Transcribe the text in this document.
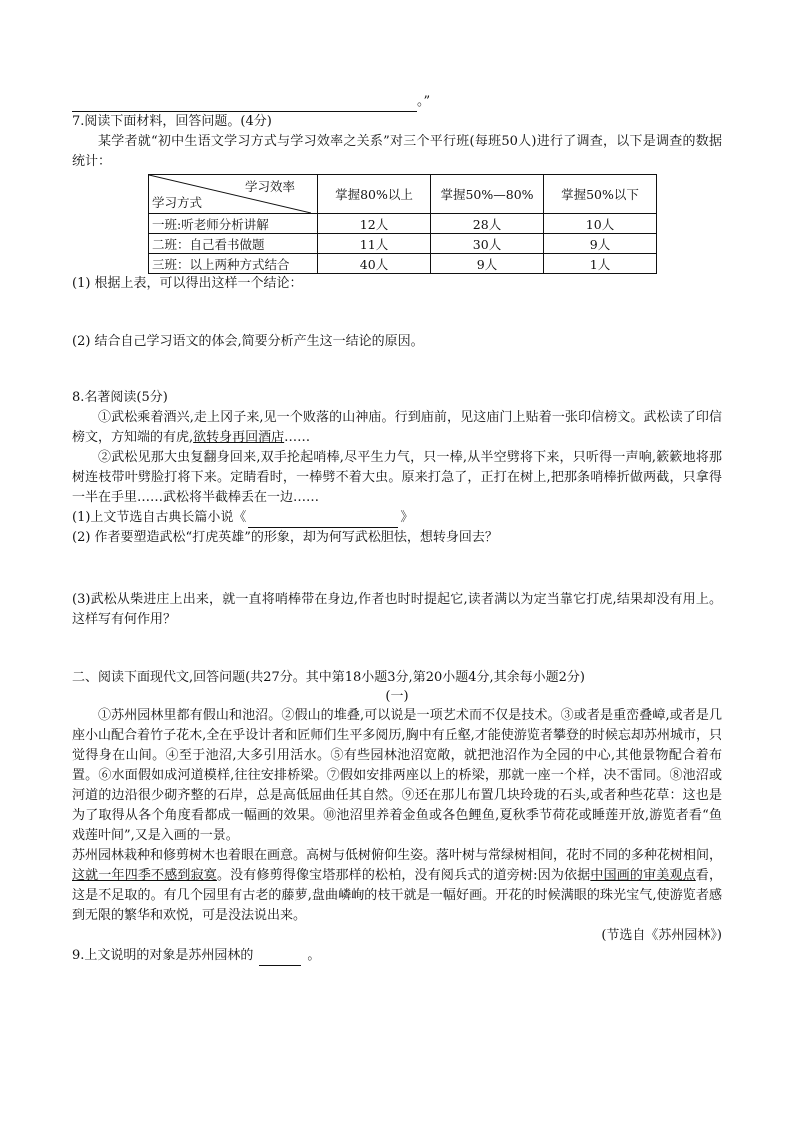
。”
7.阅读下面材料，回答问题。(4分)
某学者就“初中生语文学习方式与学习效率之关系”对三个平行班(每班50人)进行了调查，以下是调查的数据统计：
学习效率
学习方式	掌握80%以上	掌握50%—80%	掌握50%以下
一班:听老师分析讲解	12人	28人	10人
二班：自己看书做题	11人	30人	9人
三班：以上两种方式结合	40人	9人	1人
(1) 根据上表，可以得出这样一个结论：
(2) 结合自己学习语文的体会,简要分析产生这一结论的原因。
8.名著阅读(5分)
①武松乘着酒兴,走上冈子来,见一个败落的山神庙。行到庙前，见这庙门上贴着一张印信榜文。武松读了印信榜文，方知端的有虎,欲转身再回酒店……
②武松见那大虫复翻身回来,双手抡起哨棒,尽平生力气，只一棒,从半空劈将下来，只听得一声响,簌簌地将那树连枝带叶劈脸打将下来。定睛看时，一棒劈不着大虫。原来打急了，正打在树上,把那条哨棒折做两截，只拿得一半在手里……武松将半截棒丢在一边……
(1)上文节选自古典长篇小说《	》
(2) 作者要塑造武松“打虎英雄”的形象，却为何写武松胆怯，想转身回去？
(3)武松从柴进庄上出来，就一直将哨棒带在身边,作者也时时提起它,读者满以为定当靠它打虎,结果却没有用上。这样写有何作用？
二、阅读下面现代文,回答问题(共27分。其中第18小题3分,第20小题4分,其余每小题2分)
(一)
①苏州园林里都有假山和池沼。②假山的堆叠,可以说是一项艺术而不仅是技术。③或者是重峦叠嶂,或者是几座小山配合着竹子花木,全在乎设计者和匠师们生平多阅历,胸中有丘壑,才能使游览者攀登的时候忘却苏州城市，只觉得身在山间。④至于池沼,大多引用活水。⑤有些园林池沼宽敞，就把池沼作为全园的中心,其他景物配合着布置。⑥水面假如成河道模样,往往安排桥梁。⑦假如安排两座以上的桥梁，那就一座一个样，决不雷同。⑧池沼或河道的边沿很少砌齐整的石岸，总是高低屈曲任其自然。⑨还在那儿布置几块玲珑的石头,或者种些花草：这也是为了取得从各个角度看都成一幅画的效果。⑩池沼里养着金鱼或各色鲤鱼,夏秋季节荷花或睡莲开放,游览者看“鱼戏莲叶间”,又是入画的一景。
苏州园林栽种和修剪树木也着眼在画意。高树与低树俯仰生姿。落叶树与常绿树相间，花时不同的多种花树相间，这就一年四季不感到寂寞。没有修剪得像宝塔那样的松柏，没有阅兵式的道旁树:因为依据中国画的审美观点看，这是不足取的。有几个园里有古老的藤萝,盘曲嶙峋的枝干就是一幅好画。开花的时候满眼的珠光宝气,使游览者感到无限的繁华和欢悦，可是没法说出来。
(节选自《苏州园林》)
9.上文说明的对象是苏州园林的	。
